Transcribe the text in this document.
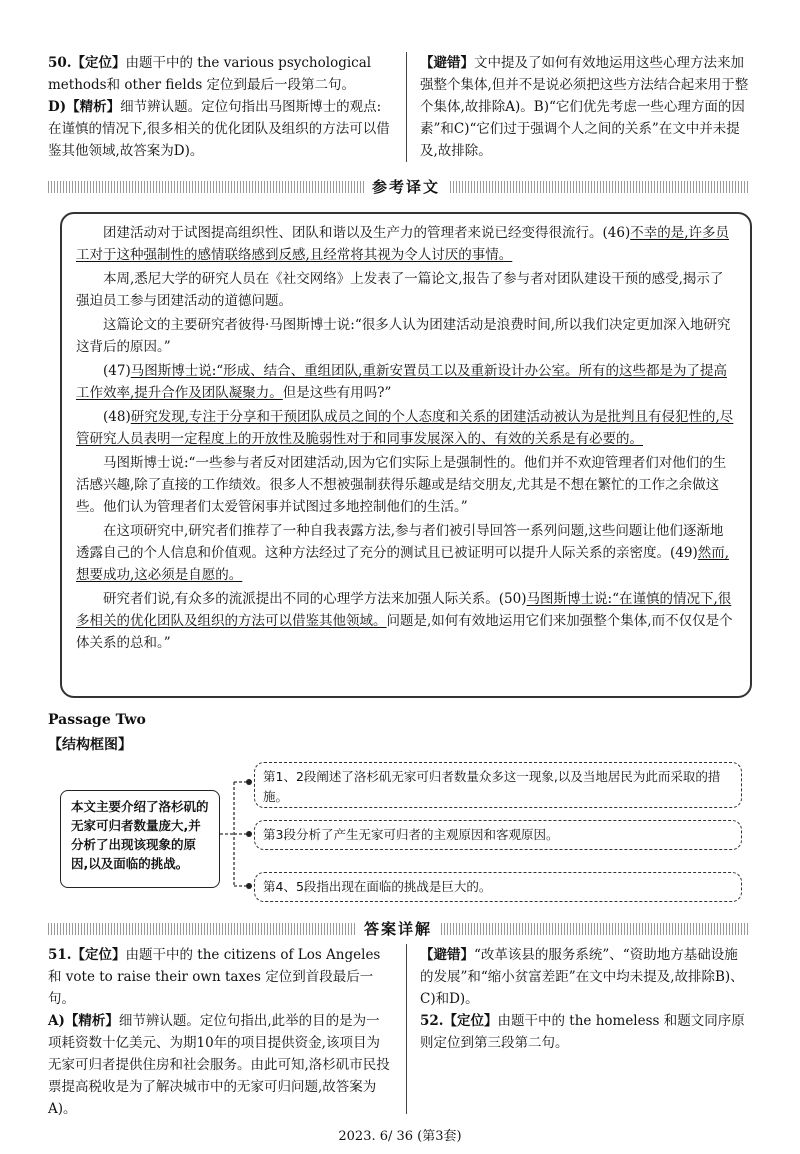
50.【定位】由题干中的 the various psychological methods和 other fields 定位到最后一段第二句。

D)【精析】细节辨认题。定位句指出马图斯博士的观点:在谨慎的情况下,很多相关的优化团队及组织的方法可以借鉴其他领域,故答案为D)。

【避错】文中提及了如何有效地运用这些心理方法来加强整个集体,但并不是说必须把这些方法结合起来用于整个集体,故排除A)。B)“它们优先考虑一些心理方面的因素”和C)“它们过于强调个人之间的关系”在文中并未提及,故排除。

参考译文

团建活动对于试图提高组织性、团队和谐以及生产力的管理者来说已经变得很流行。(46)不幸的是,许多员工对于这种强制性的感情联络感到反感,且经常将其视为令人讨厌的事情。

本周,悉尼大学的研究人员在《社交网络》上发表了一篇论文,报告了参与者对团队建设干预的感受,揭示了强迫员工参与团建活动的道德问题。

这篇论文的主要研究者彼得·马图斯博士说:“很多人认为团建活动是浪费时间,所以我们决定更加深入地研究这背后的原因。”

(47)马图斯博士说:“形成、结合、重组团队,重新安置员工以及重新设计办公室。所有的这些都是为了提高工作效率,提升合作及团队凝聚力。但是这些有用吗?”

(48)研究发现,专注于分享和干预团队成员之间的个人态度和关系的团建活动被认为是批判且有侵犯性的,尽管研究人员表明一定程度上的开放性及脆弱性对于和同事发展深入的、有效的关系是有必要的。

马图斯博士说:“一些参与者反对团建活动,因为它们实际上是强制性的。他们并不欢迎管理者们对他们的生活感兴趣,除了直接的工作绩效。很多人不想被强制获得乐趣或是结交朋友,尤其是不想在繁忙的工作之余做这些。他们认为管理者们太爱管闲事并试图过多地控制他们的生活。”

在这项研究中,研究者们推荐了一种自我表露方法,参与者们被引导回答一系列问题,这些问题让他们逐渐地透露自己的个人信息和价值观。这种方法经过了充分的测试且已被证明可以提升人际关系的亲密度。(49)然而,想要成功,这必须是自愿的。

研究者们说,有众多的流派提出不同的心理学方法来加强人际关系。(50)马图斯博士说:“在谨慎的情况下,很多相关的优化团队及组织的方法可以借鉴其他领域。问题是,如何有效地运用它们来加强整个集体,而不仅仅是个体关系的总和。”

Passage Two
【结构框图】
本文主要介绍了洛杉矶的无家可归者数量庞大,并分析了出现该现象的原因,以及面临的挑战。
第1、2段阐述了洛杉矶无家可归者数量众多这一现象,以及当地居民为此而采取的措施。
第3段分析了产生无家可归者的主观原因和客观原因。
第4、5段指出现在面临的挑战是巨大的。
答案详解

51.【定位】由题干中的 the citizens of Los Angeles 和 vote to raise their own taxes 定位到首段最后一句。

A)【精析】细节辨认题。定位句指出,此举的目的是为一项耗资数十亿美元、为期10年的项目提供资金,该项目为无家可归者提供住房和社会服务。由此可知,洛杉矶市民投票提高税收是为了解决城市中的无家可归问题,故答案为A)。

【避错】“改革该县的服务系统”、“资助地方基础设施的发展”和“缩小贫富差距”在文中均未提及,故排除B)、C)和D)。

52.【定位】由题干中的 the homeless 和题文同序原则定位到第三段第二句。

2023. 6/ 36 (第3套)
